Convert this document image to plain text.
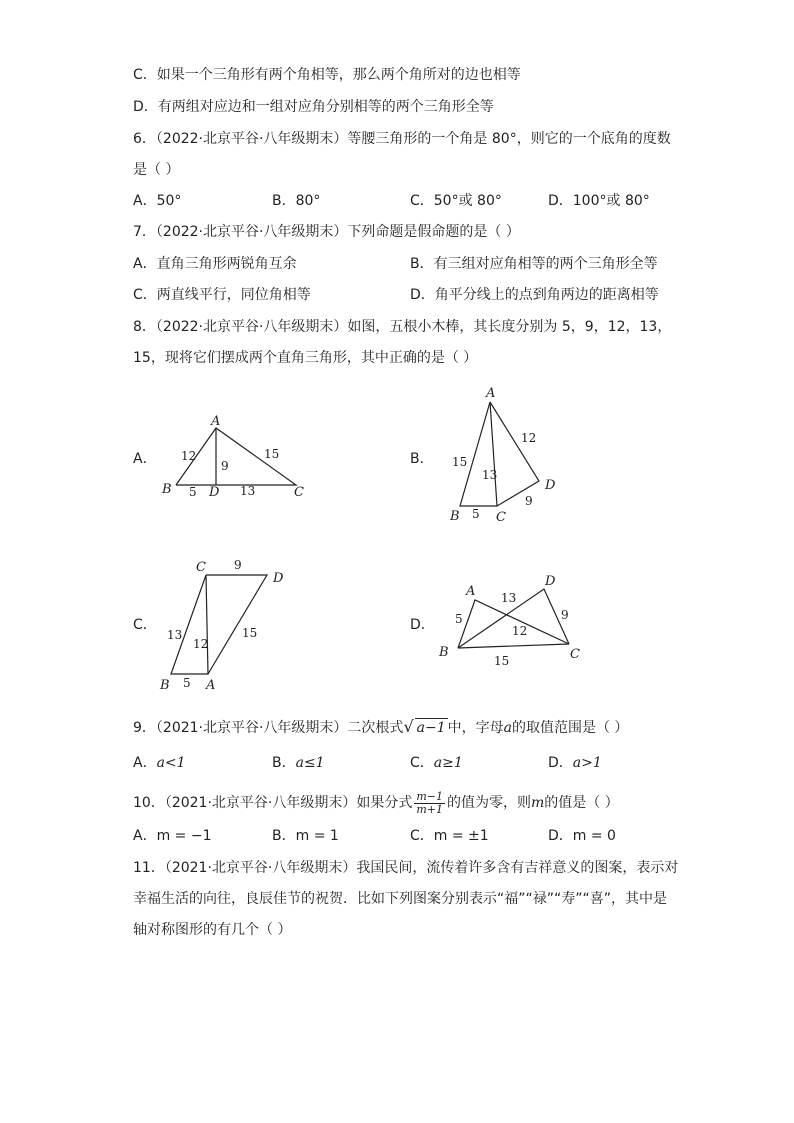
C．如果一个三角形有两个角相等，那么两个角所对的边也相等
D．有两组对应边和一组对应角分别相等的两个三角形全等
6．（2022·北京平谷·八年级期末）等腰三角形的一个角是 80°，则它的一个底角的度数
是（ ）
A．50°	B．80°	C．50°或 80°	D．100°或 80°
7．（2022·北京平谷·八年级期末）下列命题是假命题的是（ ）
A．直角三角形两锐角互余	B．有三组对应角相等的两个三角形全等
C．两直线平行，同位角相等	D．角平分线上的点到角两边的距离相等
8．（2022·北京平谷·八年级期末）如图，五根小木棒，其长度分别为 5，9，12，13，
15，现将它们摆成两个直角三角形，其中正确的是（ ）
A．
A
B	C
D
12	15
9
5	13
B．
A
B	C
D
12
15
13
5
9
C．
C
D
B	A
9
13
12
15
5
D．
A
D
B	C
5
13
9
12
15
9．（2021·北京平谷·八年级期末）二次根式√ a−1 中，字母a的取值范围是（ ）
A．a<1	B．a≤1	C．a≥1	D．a>1
10．（2021·北京平谷·八年级期末）如果分式 $\frac{m-1}{m+1}$ 的值为零，则m的值是（ ）
A．m = −1	B．m = 1	C．m = ±1	D．m = 0
11．（2021·北京平谷·八年级期末）我国民间，流传着许多含有吉祥意义的图案，表示对
幸福生活的向往，良辰佳节的祝贺．比如下列图案分别表示“福”“禄”“寿”“喜”，其中是
轴对称图形的有几个（ ）
